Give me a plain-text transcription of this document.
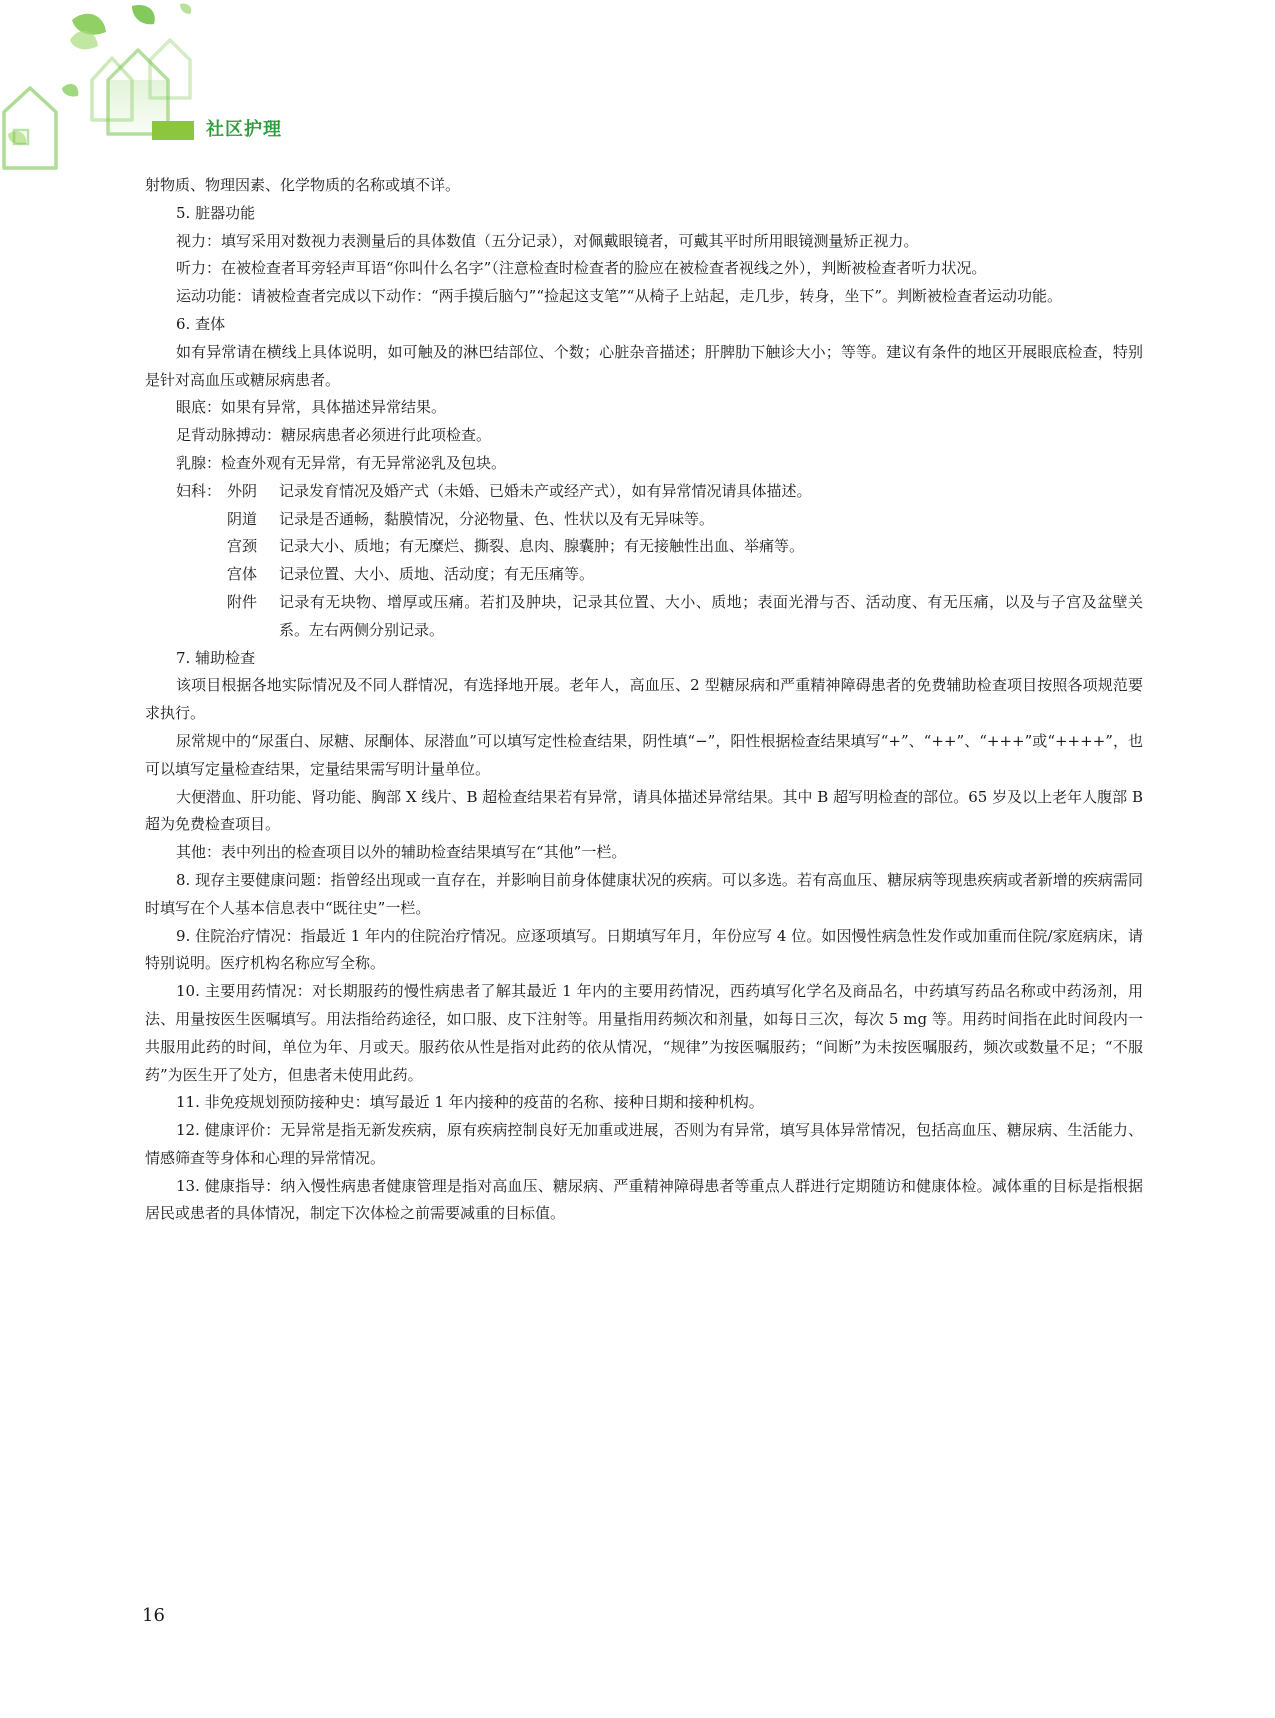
社区护理

射物质、物理因素、化学物质的名称或填不详。

5. 脏器功能

视力：填写采用对数视力表测量后的具体数值（五分记录），对佩戴眼镜者，可戴其平时所用眼镜测量矫正视力。

听力：在被检查者耳旁轻声耳语“你叫什么名字”（注意检查时检查者的脸应在被检查者视线之外），判断被检查者听力状况。

运动功能：请被检查者完成以下动作：“两手摸后脑勺”“捡起这支笔”“从椅子上站起，走几步，转身，坐下”。判断被检查者运动功能。

6. 查体

如有异常请在横线上具体说明，如可触及的淋巴结部位、个数；心脏杂音描述；肝脾肋下触诊大小；等等。建议有条件的地区开展眼底检查，特别是针对高血压或糖尿病患者。

眼底：如果有异常，具体描述异常结果。

足背动脉搏动：糖尿病患者必须进行此项检查。

乳腺：检查外观有无异常，有无异常泌乳及包块。

妇科： 外阴	记录发育情况及婚产式（未婚、已婚未产或经产式），如有异常情况请具体描述。
阴道	记录是否通畅，黏膜情况，分泌物量、色、性状以及有无异味等。
宫颈	记录大小、质地；有无糜烂、撕裂、息肉、腺囊肿；有无接触性出血、举痛等。
宫体	记录位置、大小、质地、活动度；有无压痛等。
附件	记录有无块物、增厚或压痛。若扪及肿块，记录其位置、大小、质地；表面光滑与否、活动度、有无压痛，以及与子宫及盆壁关系。左右两侧分别记录。

7. 辅助检查

该项目根据各地实际情况及不同人群情况，有选择地开展。老年人，高血压、2 型糖尿病和严重精神障碍患者的免费辅助检查项目按照各项规范要求执行。

尿常规中的“尿蛋白、尿糖、尿酮体、尿潜血”可以填写定性检查结果，阴性填“−”，阳性根据检查结果填写“+”、“++”、“+++”或“++++”，也可以填写定量检查结果，定量结果需写明计量单位。

大便潜血、肝功能、肾功能、胸部 X 线片、B 超检查结果若有异常，请具体描述异常结果。其中 B 超写明检查的部位。65 岁及以上老年人腹部 B 超为免费检查项目。

其他：表中列出的检查项目以外的辅助检查结果填写在“其他”一栏。

8. 现存主要健康问题：指曾经出现或一直存在，并影响目前身体健康状况的疾病。可以多选。若有高血压、糖尿病等现患疾病或者新增的疾病需同时填写在个人基本信息表中“既往史”一栏。

9. 住院治疗情况：指最近 1 年内的住院治疗情况。应逐项填写。日期填写年月，年份应写 4 位。如因慢性病急性发作或加重而住院/家庭病床，请特别说明。医疗机构名称应写全称。

10. 主要用药情况：对长期服药的慢性病患者了解其最近 1 年内的主要用药情况，西药填写化学名及商品名，中药填写药品名称或中药汤剂，用法、用量按医生医嘱填写。用法指给药途径，如口服、皮下注射等。用量指用药频次和剂量，如每日三次，每次 5 mg 等。用药时间指在此时间段内一共服用此药的时间，单位为年、月或天。服药依从性是指对此药的依从情况，“规律”为按医嘱服药；“间断”为未按医嘱服药，频次或数量不足；“不服药”为医生开了处方，但患者未使用此药。

11. 非免疫规划预防接种史：填写最近 1 年内接种的疫苗的名称、接种日期和接种机构。

12. 健康评价：无异常是指无新发疾病，原有疾病控制良好无加重或进展，否则为有异常，填写具体异常情况，包括高血压、糖尿病、生活能力、情感筛查等身体和心理的异常情况。

13. 健康指导：纳入慢性病患者健康管理是指对高血压、糖尿病、严重精神障碍患者等重点人群进行定期随访和健康体检。减体重的目标是指根据居民或患者的具体情况，制定下次体检之前需要减重的目标值。

16
